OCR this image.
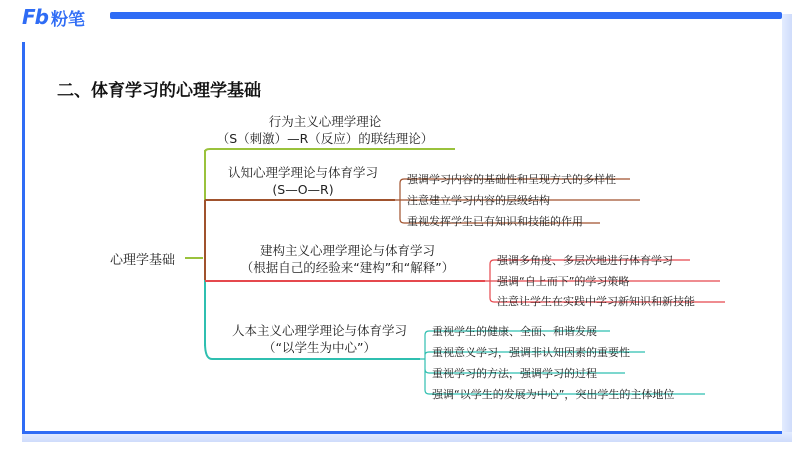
Fb 粉笔
二、体育学习的心理学基础
心理学基础
行为主义心理学理论
（S（刺激）—R（反应）的联结理论）
认知心理学理论与体育学习
(S—O—R)
强调学习内容的基础性和呈现方式的多样性
注意建立学习内容的层级结构
重视发挥学生已有知识和技能的作用
建构主义心理学理论与体育学习
（根据自己的经验来“建构”和“解释”）	强调多角度、多层次地进行体育学习
强调“自上而下”的学习策略
注意让学生在实践中学习新知识和新技能
人本主义心理学理论与体育学习
（“以学生为中心”）
重视学生的健康、全面、和谐发展
重视意义学习，强调非认知因素的重要性
重视学习的方法，强调学习的过程
强调“以学生的发展为中心”，突出学生的主体地位
